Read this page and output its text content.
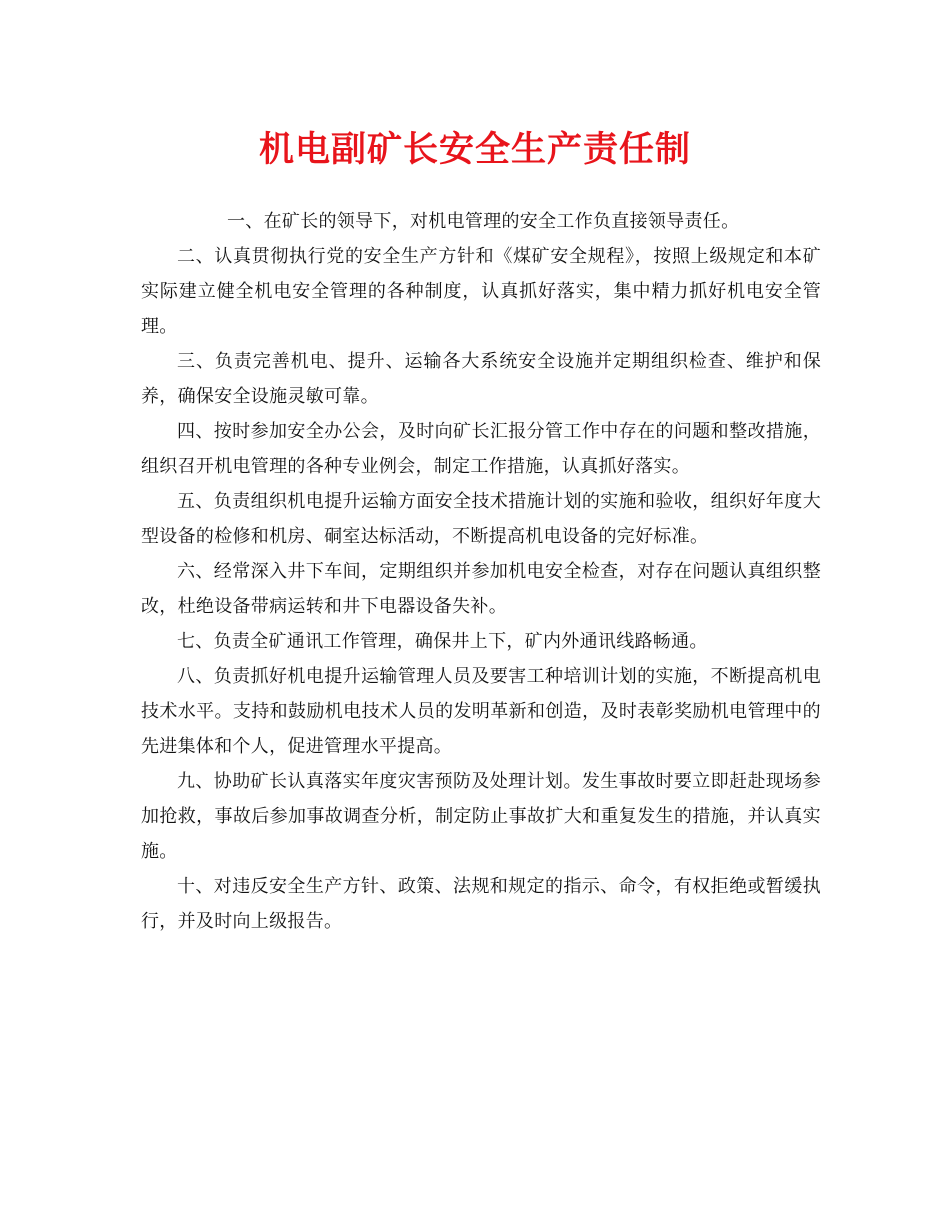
机电副矿长安全生产责任制

一、在矿长的领导下，对机电管理的安全工作负直接领导责任。

二、认真贯彻执行党的安全生产方针和《煤矿安全规程》，按照上级规定和本矿实际建立健全机电安全管理的各种制度，认真抓好落实，集中精力抓好机电安全管理。

三、负责完善机电、提升、运输各大系统安全设施并定期组织检查、维护和保养，确保安全设施灵敏可靠。

四、按时参加安全办公会，及时向矿长汇报分管工作中存在的问题和整改措施，组织召开机电管理的各种专业例会，制定工作措施，认真抓好落实。

五、负责组织机电提升运输方面安全技术措施计划的实施和验收，组织好年度大型设备的检修和机房、硐室达标活动，不断提高机电设备的完好标准。

六、经常深入井下车间，定期组织并参加机电安全检查，对存在问题认真组织整改，杜绝设备带病运转和井下电器设备失补。

七、负责全矿通讯工作管理，确保井上下，矿内外通讯线路畅通。

八、负责抓好机电提升运输管理人员及要害工种培训计划的实施，不断提高机电技术水平。支持和鼓励机电技术人员的发明革新和创造，及时表彰奖励机电管理中的先进集体和个人，促进管理水平提高。

九、协助矿长认真落实年度灾害预防及处理计划。发生事故时要立即赶赴现场参加抢救，事故后参加事故调查分析，制定防止事故扩大和重复发生的措施，并认真实施。

十、对违反安全生产方针、政策、法规和规定的指示、命令，有权拒绝或暂缓执行，并及时向上级报告。
